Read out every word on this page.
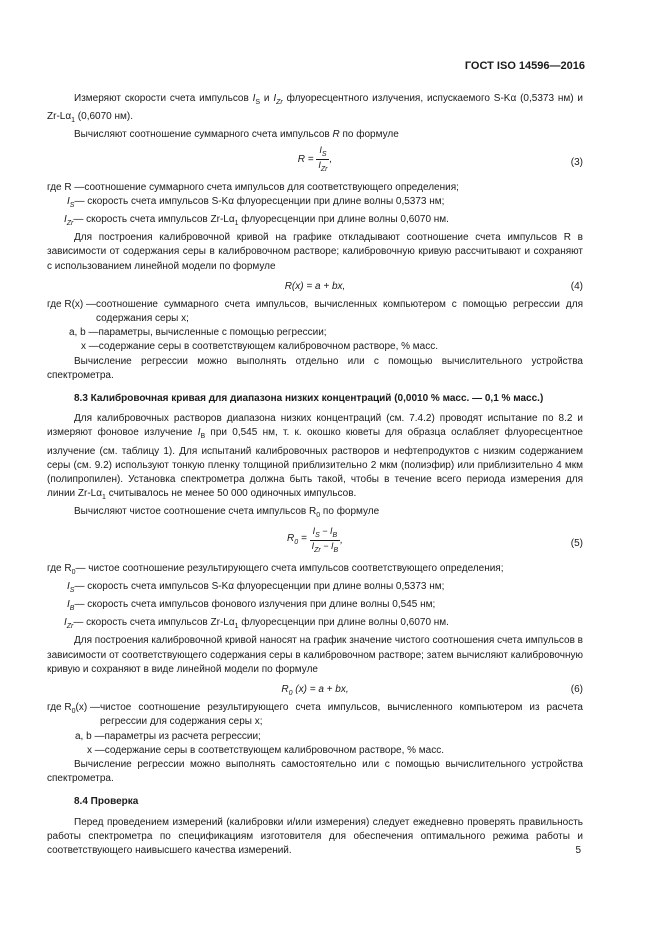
ГОСТ ISO 14596—2016

Измеряют скорости счета импульсов $I_S$ и $I_{Zr}$ флуоресцентного излучения, испускаемого S-Kα (0,5373 нм) и $Zr-L\alpha_1$ (0,6070 нм).

Вычисляют соотношение суммарного счета импульсов R по формуле

$R = \frac{I_S}{I_{Zr}}$ ,	(3)
где R — соотношение суммарного счета импульсов для соответствующего определения;
$I_S$ — скорость счета импульсов S-Kα флуоресценции при длине волны 0,5373 нм;
$I_{Zr}$ — скорость счета импульсов $Zr-L\alpha_1$ флуоресценции при длине волны 0,6070 нм.

Для построения калибровочной кривой на графике откладывают соотношение счета импульсов R в зависимости от содержания серы в калибровочном растворе; калибровочную кривую рассчитывают и сохраняют с использованием линейной модели по формуле

R(x) = a + bx,	(4)
где R(x) — соотношение суммарного счета импульсов, вычисленных компьютером с помощью регрессии для содержания серы x;
a, b — параметры, вычисленные с помощью регрессии;
x — содержание серы в соответствующем калибровочном растворе, % масс.

Вычисление регрессии можно выполнять отдельно или с помощью вычислительного устройства спектрометра.

8.3 Калибровочная кривая для диапазона низких концентраций (0,0010 % масс. — 0,1 % масс.)

Для калибровочных растворов диапазона низких концентраций (см. 7.4.2) проводят испытание по 8.2 и измеряют фоновое излучение $I_B$ при 0,545 нм, т. к. окошко кюветы для образца ослабляет флуоресцентное излучение (см. таблицу 1). Для испытаний калибровочных растворов и нефтепродуктов с низким содержанием серы (см. 9.2) используют тонкую пленку толщиной приблизительно 2 мкм (полиэфир) или приблизительно 4 мкм (полипропилен). Установка спектрометра должна быть такой, чтобы в течение всего периода измерения для линии $Zr-L\alpha_1$ считывалось не менее 50 000 одиночных импульсов.

Вычисляют чистое соотношение счета импульсов $R_0$ по формуле

$R_0 = \frac{I_S - I_B}{I_{Zr} - I_B}$ ,	(5)
где $R_0$ — чистое соотношение результирующего счета импульсов соответствующего определения;
$I_S$ — скорость счета импульсов S-Kα флуоресценции при длине волны 0,5373 нм;
$I_B$ — скорость счета импульсов фонового излучения при длине волны 0,545 нм;
$I_{Zr}$ — скорость счета импульсов $Zr-L\alpha_1$ флуоресценции при длине волны 0,6070 нм.

Для построения калибровочной кривой наносят на график значение чистого соотношения счета импульсов в зависимости от соответствующего содержания серы в калибровочном растворе; затем вычисляют калибровочную кривую и сохраняют в виде линейной модели по формуле

$R_0$ (x) = a + bx,	(6)
где $R_0(x)$ — чистое соотношение результирующего счета импульсов, вычисленного компьютером из расчета регрессии для содержания серы x;
a, b — параметры из расчета регрессии;
x — содержание серы в соответствующем калибровочном растворе, % масс.

Вычисление регрессии можно выполнять самостоятельно или с помощью вычислительного устройства спектрометра.

8.4 Проверка

Перед проведением измерений (калибровки и/или измерения) следует ежедневно проверять правильность работы спектрометра по спецификациям изготовителя для обеспечения оптимального режима работы и соответствующего наивысшего качества измерений.	5
